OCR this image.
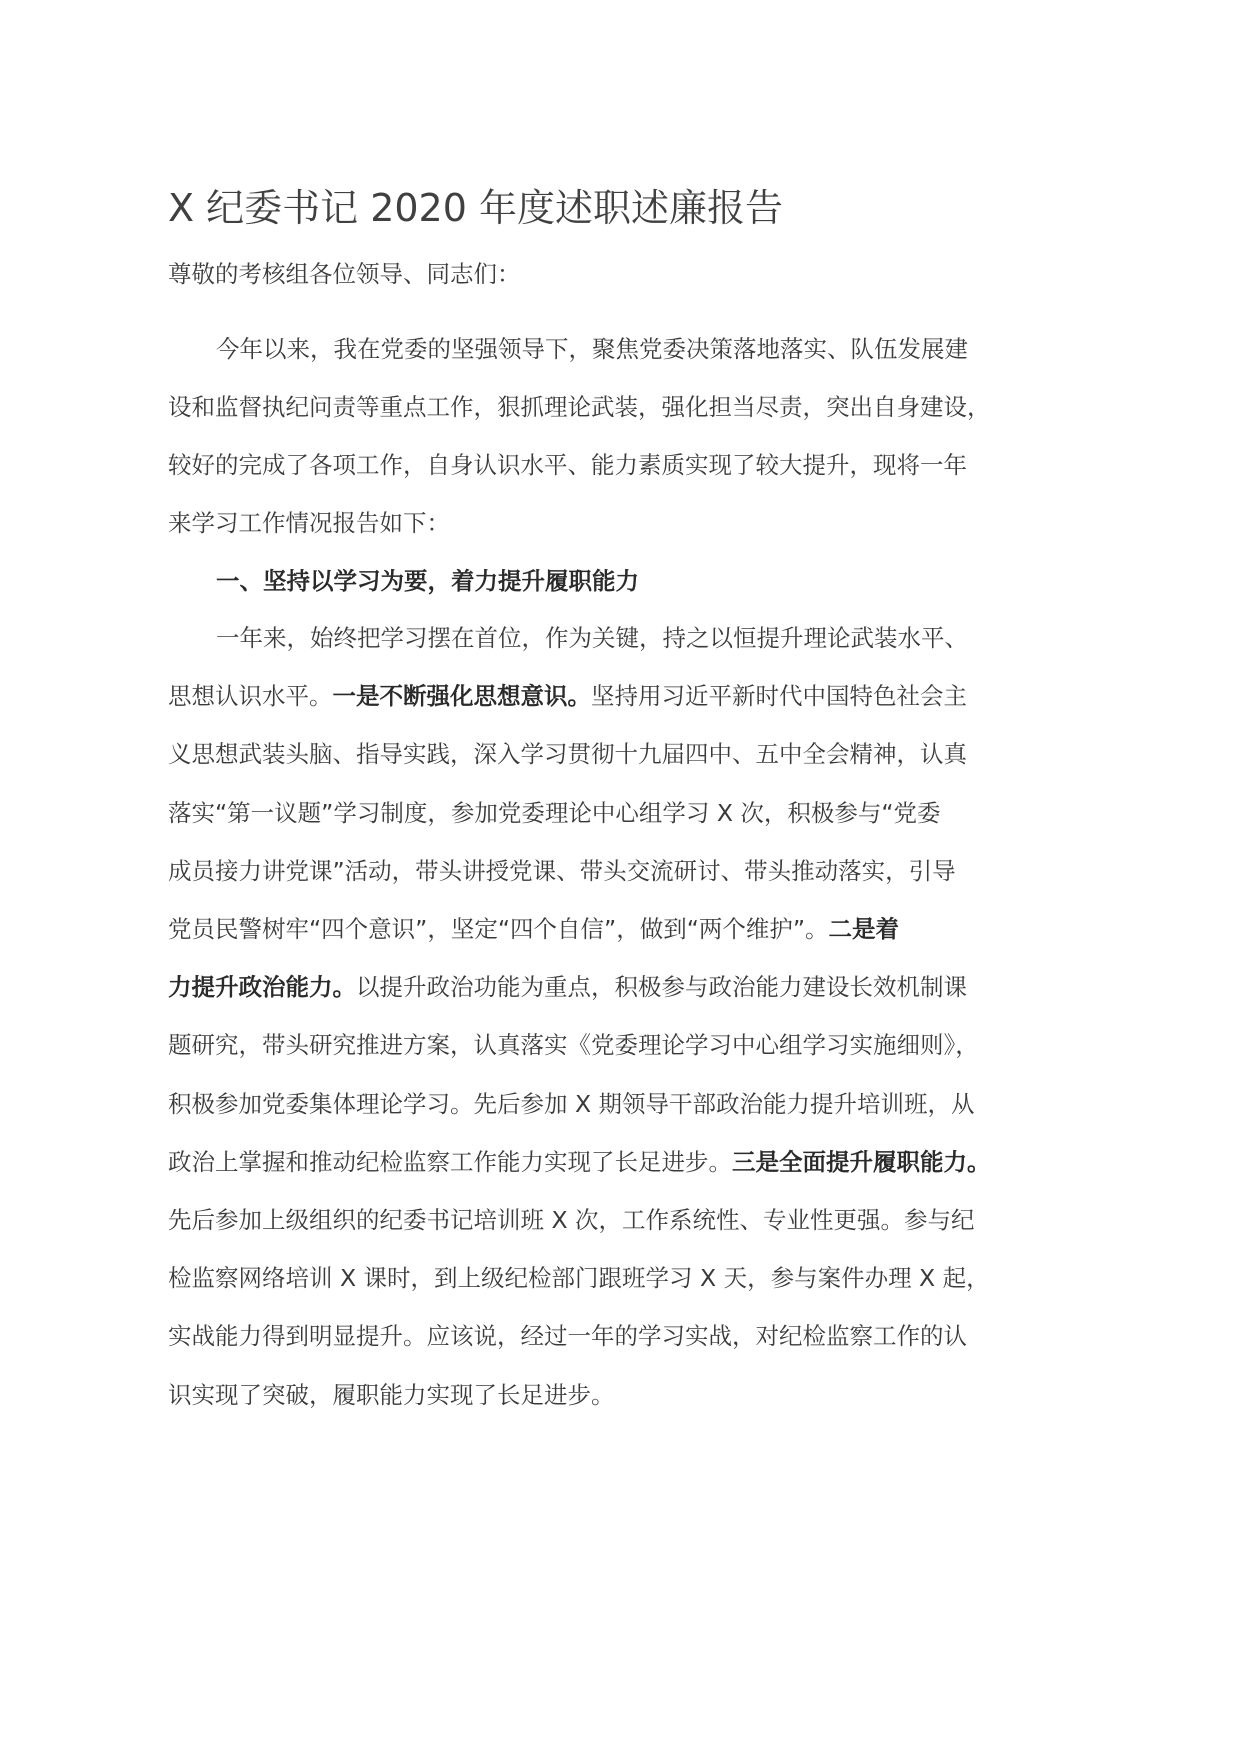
X 纪委书记 2020 年度述职述廉报告
尊敬的考核组各位领导、同志们：
今年以来，我在党委的坚强领导下，聚焦党委决策落地落实、队伍发展建
设和监督执纪问责等重点工作，狠抓理论武装，强化担当尽责，突出自身建设，
较好的完成了各项工作，自身认识水平、能力素质实现了较大提升，现将一年
来学习工作情况报告如下：
一、坚持以学习为要，着力提升履职能力
一年来，始终把学习摆在首位，作为关键，持之以恒提升理论武装水平、
思想认识水平。一是不断强化思想意识。坚持用习近平新时代中国特色社会主
义思想武装头脑、指导实践，深入学习贯彻十九届四中、五中全会精神，认真
落实“第一议题”学习制度，参加党委理论中心组学习 X 次，积极参与“党委
成员接力讲党课”活动，带头讲授党课、带头交流研讨、带头推动落实，引导
党员民警树牢“四个意识”，坚定“四个自信”，做到“两个维护”。二是着
力提升政治能力。以提升政治功能为重点，积极参与政治能力建设长效机制课
题研究，带头研究推进方案，认真落实《党委理论学习中心组学习实施细则》，
积极参加党委集体理论学习。先后参加 X 期领导干部政治能力提升培训班，从
政治上掌握和推动纪检监察工作能力实现了长足进步。三是全面提升履职能力。
先后参加上级组织的纪委书记培训班 X 次，工作系统性、专业性更强。参与纪
检监察网络培训 X 课时，到上级纪检部门跟班学习 X 天，参与案件办理 X 起，
实战能力得到明显提升。应该说，经过一年的学习实战，对纪检监察工作的认
识实现了突破，履职能力实现了长足进步。
